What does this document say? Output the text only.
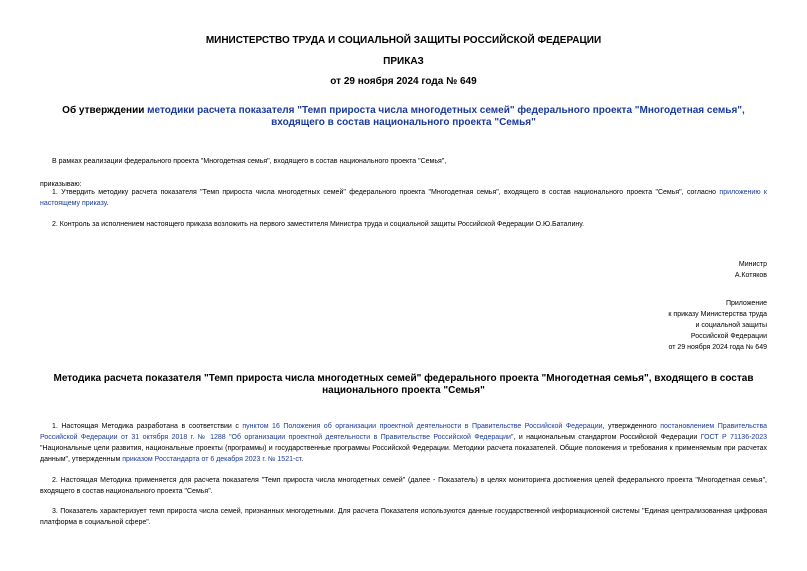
МИНИСТЕРСТВО ТРУДА И СОЦИАЛЬНОЙ ЗАЩИТЫ РОССИЙСКОЙ ФЕДЕРАЦИИ
ПРИКАЗ
от 29 ноября 2024 года № 649
Об утверждении методики расчета показателя "Темп прироста числа многодетных семей" федерального проекта "Многодетная семья", входящего в состав национального проекта "Семья"
В рамках реализации федерального проекта "Многодетная семья", входящего в состав национального проекта "Семья",
приказываю:
1. Утвердить методику расчета показателя "Темп прироста числа многодетных семей" федерального проекта "Многодетная семья", входящего в состав национального проекта "Семья", согласно приложению к настоящему приказу.
2. Контроль за исполнением настоящего приказа возложить на первого заместителя Министра труда и социальной защиты Российской Федерации О.Ю.Баталину.
Министр
А.Котяков
Приложение
к приказу Министерства труда
и социальной защиты
Российской Федерации
от 29 ноября 2024 года № 649
Методика расчета показателя "Темп прироста числа многодетных семей" федерального проекта "Многодетная семья", входящего в состав национального проекта "Семья"
1. Настоящая Методика разработана в соответствии с пунктом 16 Положения об организации проектной деятельности в Правительстве Российской Федерации, утвержденного постановлением Правительства Российской Федерации от 31 октября 2018 г. № 1288 "Об организации проектной деятельности в Правительстве Российской Федерации", и национальным стандартом Российской Федерации ГОСТ Р 71136-2023 "Национальные цели развития, национальные проекты (программы) и государственные программы Российской Федерации. Методики расчета показателей. Общие положения и требования к применяемым при расчетах данным", утвержденным приказом Росстандарта от 6 декабря 2023 г. № 1521-ст.
2. Настоящая Методика применяется для расчета показателя "Темп прироста числа многодетных семей" (далее - Показатель) в целях мониторинга достижения целей федерального проекта "Многодетная семья", входящего в состав национального проекта "Семья".
3. Показатель характеризует темп прироста числа семей, признанных многодетными. Для расчета Показателя используются данные государственной информационной системы "Единая централизованная цифровая платформа в социальной сфере".
